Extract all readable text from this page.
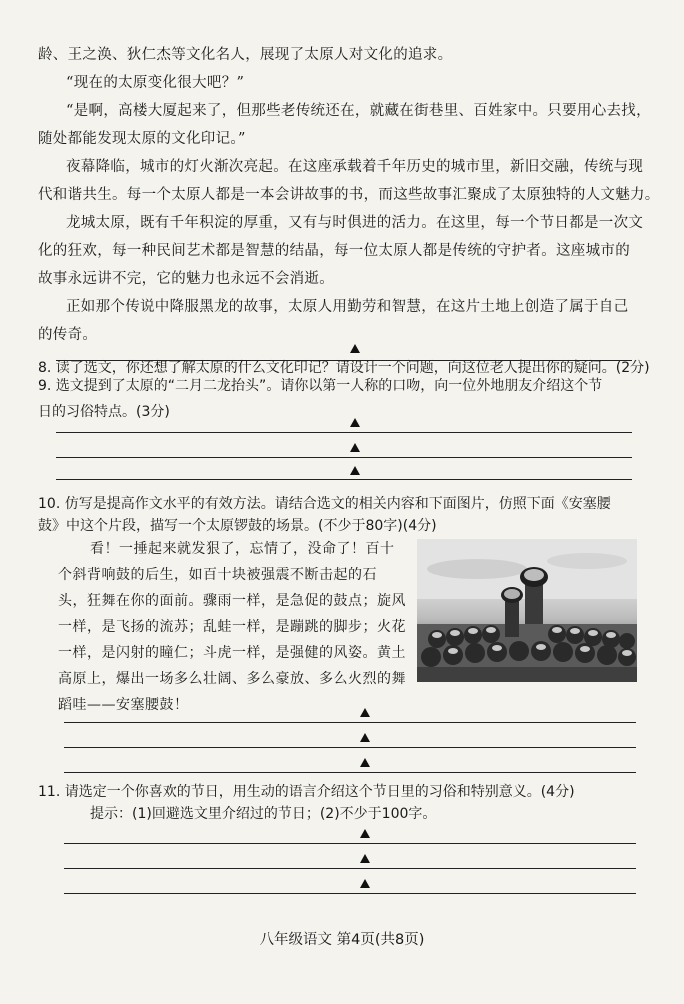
龄、王之涣、狄仁杰等文化名人，展现了太原人对文化的追求。
“现在的太原变化很大吧？”
“是啊，高楼大厦起来了，但那些老传统还在，就藏在街巷里、百姓家中。只要用心去找，
随处都能发现太原的文化印记。”
夜幕降临，城市的灯火渐次亮起。在这座承载着千年历史的城市里，新旧交融，传统与现
代和谐共生。每一个太原人都是一本会讲故事的书，而这些故事汇聚成了太原独特的人文魅力。
龙城太原，既有千年积淀的厚重，又有与时俱进的活力。在这里，每一个节日都是一次文
化的狂欢，每一种民间艺术都是智慧的结晶，每一位太原人都是传统的守护者。这座城市的
故事永远讲不完，它的魅力也永远不会消逝。
正如那个传说中降服黑龙的故事，太原人用勤劳和智慧，在这片土地上创造了属于自己
的传奇。
8. 读了选文，你还想了解太原的什么文化印记？请设计一个问题，向这位老人提出你的疑问。(2分)
9. 选文提到了太原的“二月二龙抬头”。请你以第一人称的口吻，向一位外地朋友介绍这个节
日的习俗特点。(3分)
10. 仿写是提高作文水平的有效方法。请结合选文的相关内容和下面图片，仿照下面《安塞腰
鼓》中这个片段，描写一个太原锣鼓的场景。(不少于80字)(4分)
看！一捶起来就发狠了，忘情了，没命了！百十
个斜背响鼓的后生，如百十块被强震不断击起的石
头，狂舞在你的面前。骤雨一样，是急促的鼓点；旋风
一样，是飞扬的流苏；乱蛙一样，是蹦跳的脚步；火花
一样，是闪射的瞳仁；斗虎一样，是强健的风姿。黄土
高原上，爆出一场多么壮阔、多么豪放、多么火烈的舞
蹈哇——安塞腰鼓！
11. 请选定一个你喜欢的节日，用生动的语言介绍这个节日里的习俗和特别意义。(4分)
提示：(1)回避选文里介绍过的节日；(2)不少于100字。
八年级语文 第4页(共8页)
